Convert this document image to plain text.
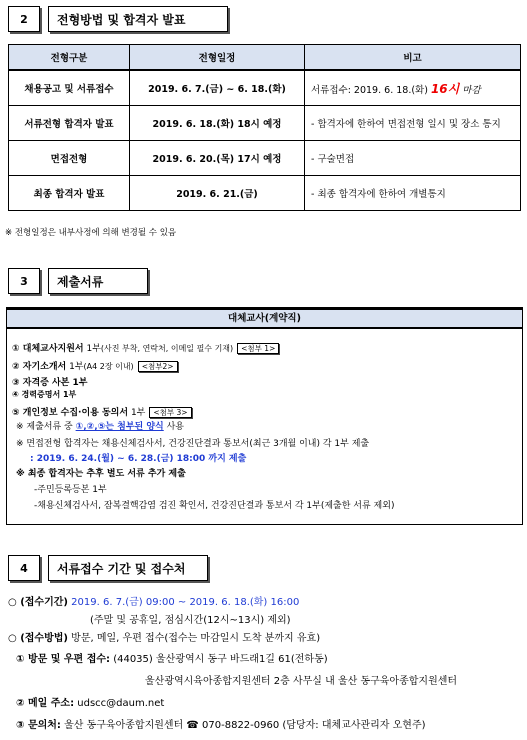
2	전형방법 및 합격자 발표
전형구분	전형일정	비고
채용공고 및 서류접수	2019. 6. 7.(금) ~ 6. 18.(화)	서류접수: 2019. 6. 18.(화) 16시 마감
서류전형 합격자 발표	2019. 6. 18.(화) 18시 예정	- 합격자에 한하여 면접전형 일시 및 장소 통지
면접전형	2019. 6. 20.(목) 17시 예정	- 구술면접
최종 합격자 발표	2019. 6. 21.(금)	- 최종 합격자에 한하여 개별통지
※ 전형일정은 내부사정에 의해 변경될 수 있음
3	제출서류
대체교사(계약직)
① 대체교사지원서 1부(사진 부착, 연락처, 이메일 필수 기재) <첨부 1>
② 자기소개서 1부(A4 2장 이내) <첨부2>
③ 자격증 사본 1부
④ 경력증명서 1부
⑤ 개인정보 수집·이용 동의서 1부 <첨부 3>
※ 제출서류 중 ①,②,⑤는 첨부된 양식 사용
※ 면접전형 합격자는 채용신체검사서, 건강진단결과 통보서(최근 3개월 이내) 각 1부 제출
: 2019. 6. 24.(월) ~ 6. 28.(금) 18:00 까지 제출
※ 최종 합격자는 추후 별도 서류 추가 제출
-주민등록등본 1부
-채용신체검사서, 잠복결핵감염 검진 확인서, 건강진단결과 통보서 각 1부(제출한 서류 제외)
4	서류접수 기간 및 접수처
○ (접수기간) 2019. 6. 7.(금) 09:00 ~ 2019. 6. 18.(화) 16:00
(주말 및 공휴일, 점심시간(12시~13시) 제외)
○ (접수방법) 방문, 메일, 우편 접수(접수는 마감일시 도착 분까지 유효)
① 방문 및 우편 접수: (44035) 울산광역시 동구 바드래1길 61(전하동)
울산광역시육아종합지원센터 2층 사무실 내 울산 동구육아종합지원센터
② 메일 주소: udscc@daum.net
③ 문의처: 울산 동구육아종합지원센터 ☎ 070-8822-0960 (담당자: 대체교사관리자 오현주)
